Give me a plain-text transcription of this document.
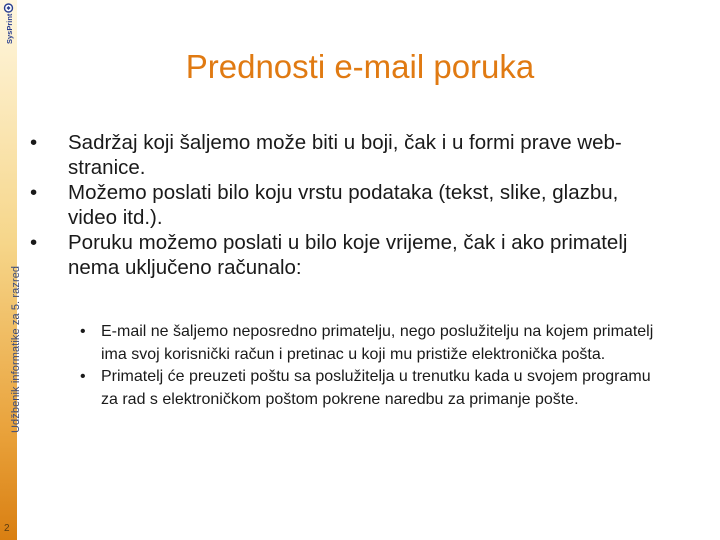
SysPrint
Udžbenik informatike za 5. razred
2
Prednosti e-mail poruka
• Sadržaj koji šaljemo može biti u boji, čak i u formi prave web-stranice.
• Možemo poslati bilo koju vrstu podataka (tekst, slike, glazbu, video itd.).
• Poruku možemo poslati u bilo koje vrijeme, čak i ako primatelj nema uključeno računalo:
• E-mail ne šaljemo neposredno primatelju, nego poslužitelju na kojem primatelj ima svoj korisnički račun i pretinac u koji mu pristiže elektronička pošta.
• Primatelj će preuzeti poštu sa poslužitelja u trenutku kada u svojem programu za rad s elektroničkom poštom pokrene naredbu za primanje pošte.
